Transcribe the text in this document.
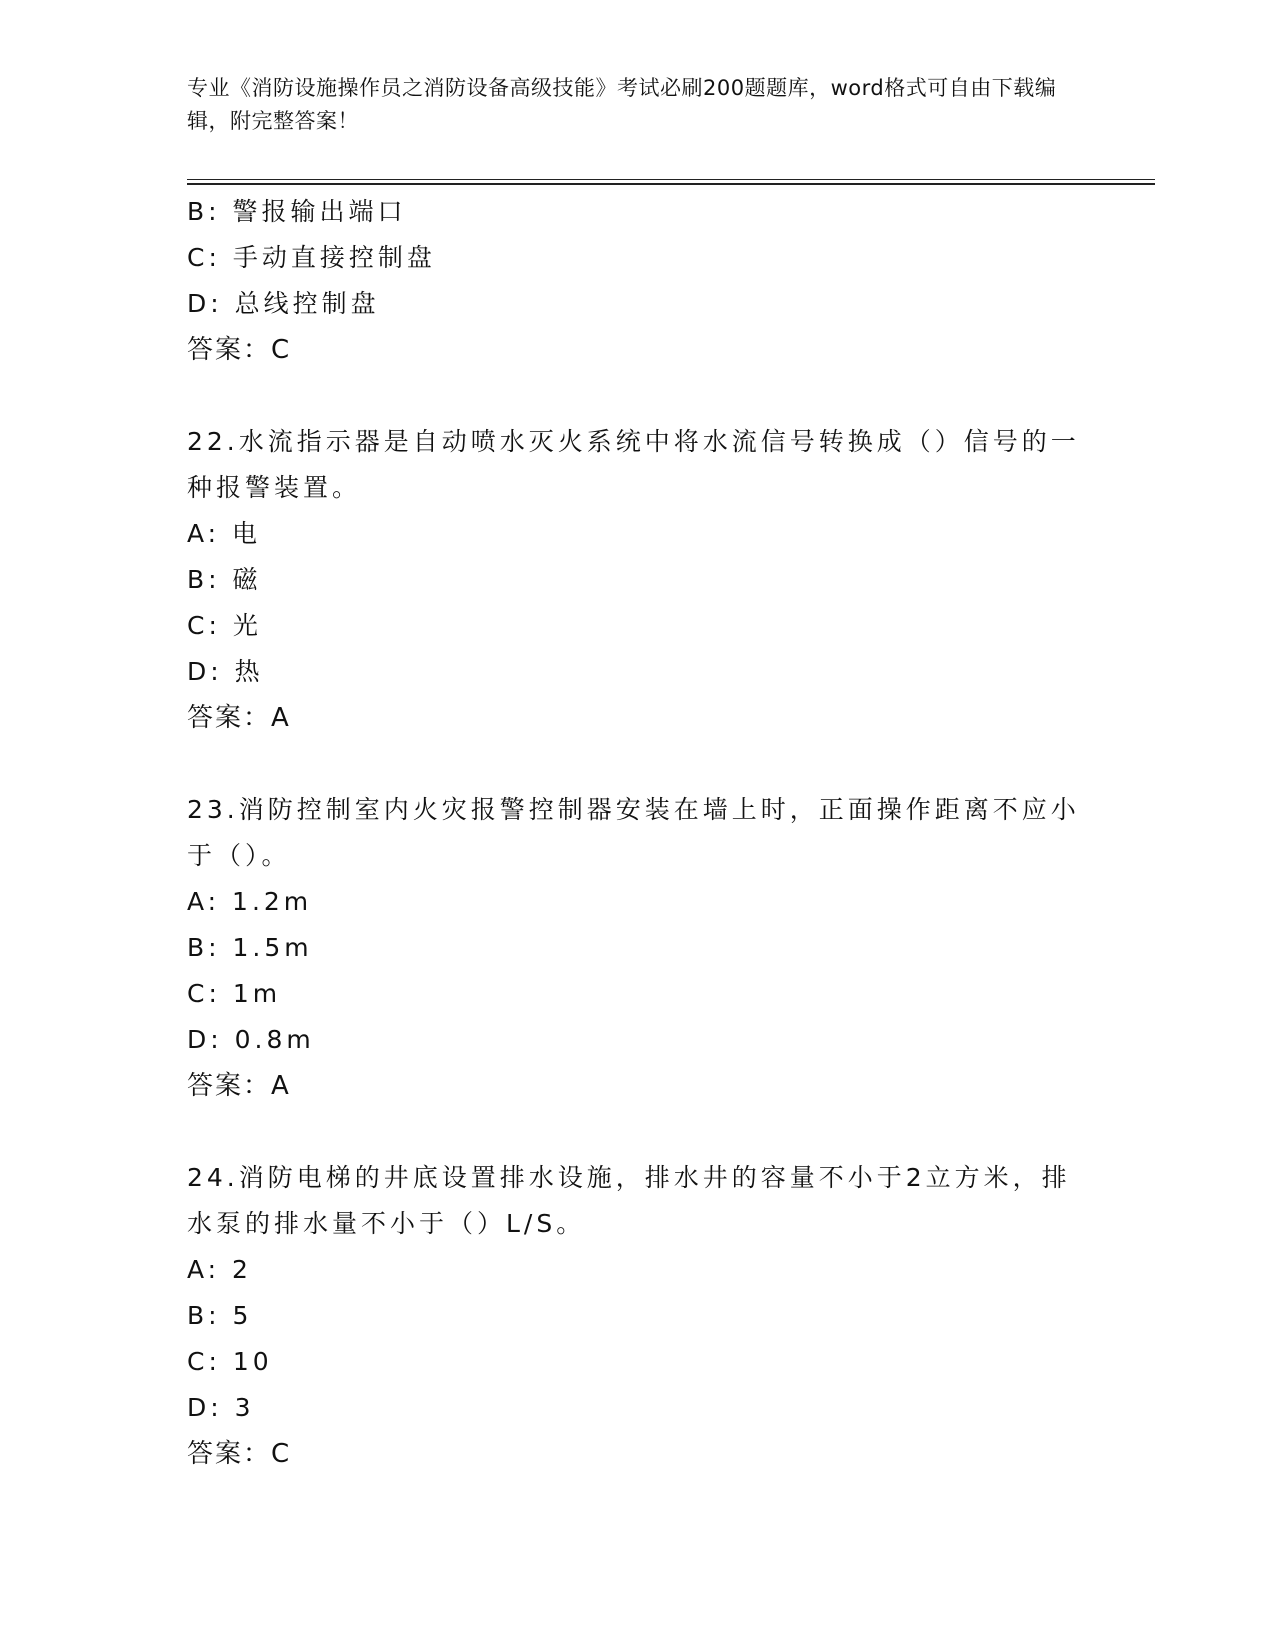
专业《消防设施操作员之消防设备高级技能》考试必刷200题题库，word格式可自由下载编辑，附完整答案！
B: 警报输出端口
C: 手动直接控制盘
D: 总线控制盘
答案：C
22.水流指示器是自动喷水灭火系统中将水流信号转换成（）信号的一种报警装置。
A: 电
B: 磁
C: 光
D: 热
答案：A
23.消防控制室内火灾报警控制器安装在墙上时，正面操作距离不应小于（）。
A: 1.2m
B: 1.5m
C: 1m
D: 0.8m
答案：A
24.消防电梯的井底设置排水设施，排水井的容量不小于2立方米，排水泵的排水量不小于（）L/S。
A: 2
B: 5
C: 10
D: 3
答案：C
